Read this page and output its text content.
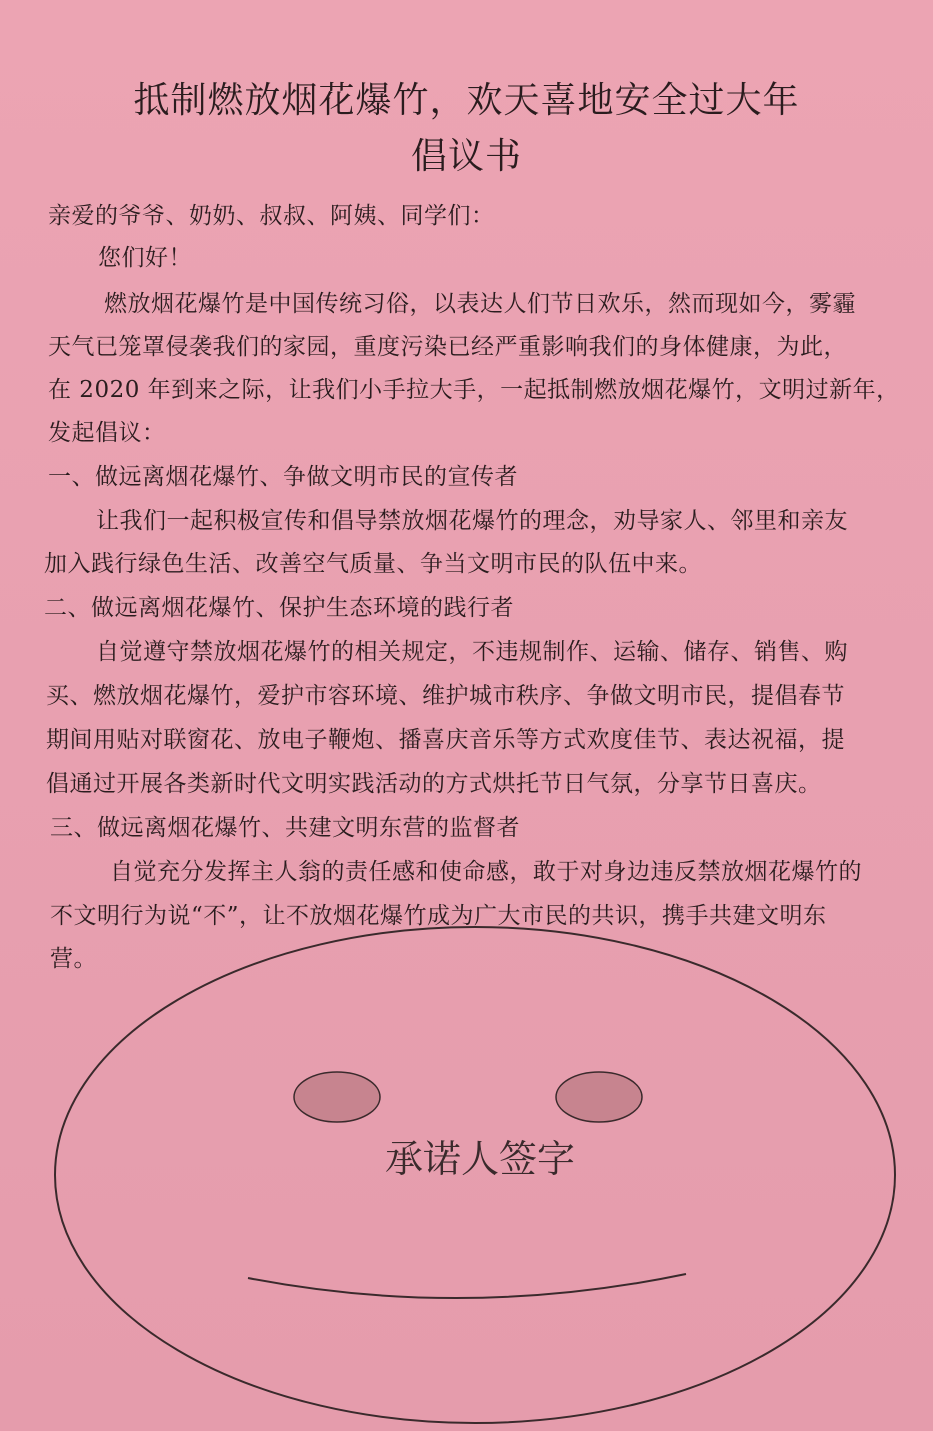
抵制燃放烟花爆竹，欢天喜地安全过大年
倡议书
亲爱的爷爷、奶奶、叔叔、阿姨、同学们：
您们好！
燃放烟花爆竹是中国传统习俗，以表达人们节日欢乐，然而现如今，雾霾
天气已笼罩侵袭我们的家园，重度污染已经严重影响我们的身体健康，为此，
在 2020 年到来之际，让我们小手拉大手，一起抵制燃放烟花爆竹，文明过新年，
发起倡议：
一、做远离烟花爆竹、争做文明市民的宣传者
让我们一起积极宣传和倡导禁放烟花爆竹的理念，劝导家人、邻里和亲友
加入践行绿色生活、改善空气质量、争当文明市民的队伍中来。
二、做远离烟花爆竹、保护生态环境的践行者
自觉遵守禁放烟花爆竹的相关规定，不违规制作、运输、储存、销售、购
买、燃放烟花爆竹，爱护市容环境、维护城市秩序、争做文明市民，提倡春节
期间用贴对联窗花、放电子鞭炮、播喜庆音乐等方式欢度佳节、表达祝福，提
倡通过开展各类新时代文明实践活动的方式烘托节日气氛，分享节日喜庆。
三、做远离烟花爆竹、共建文明东营的监督者
自觉充分发挥主人翁的责任感和使命感，敢于对身边违反禁放烟花爆竹的
不文明行为说“不”，让不放烟花爆竹成为广大市民的共识，携手共建文明东
营。
承诺人签字
